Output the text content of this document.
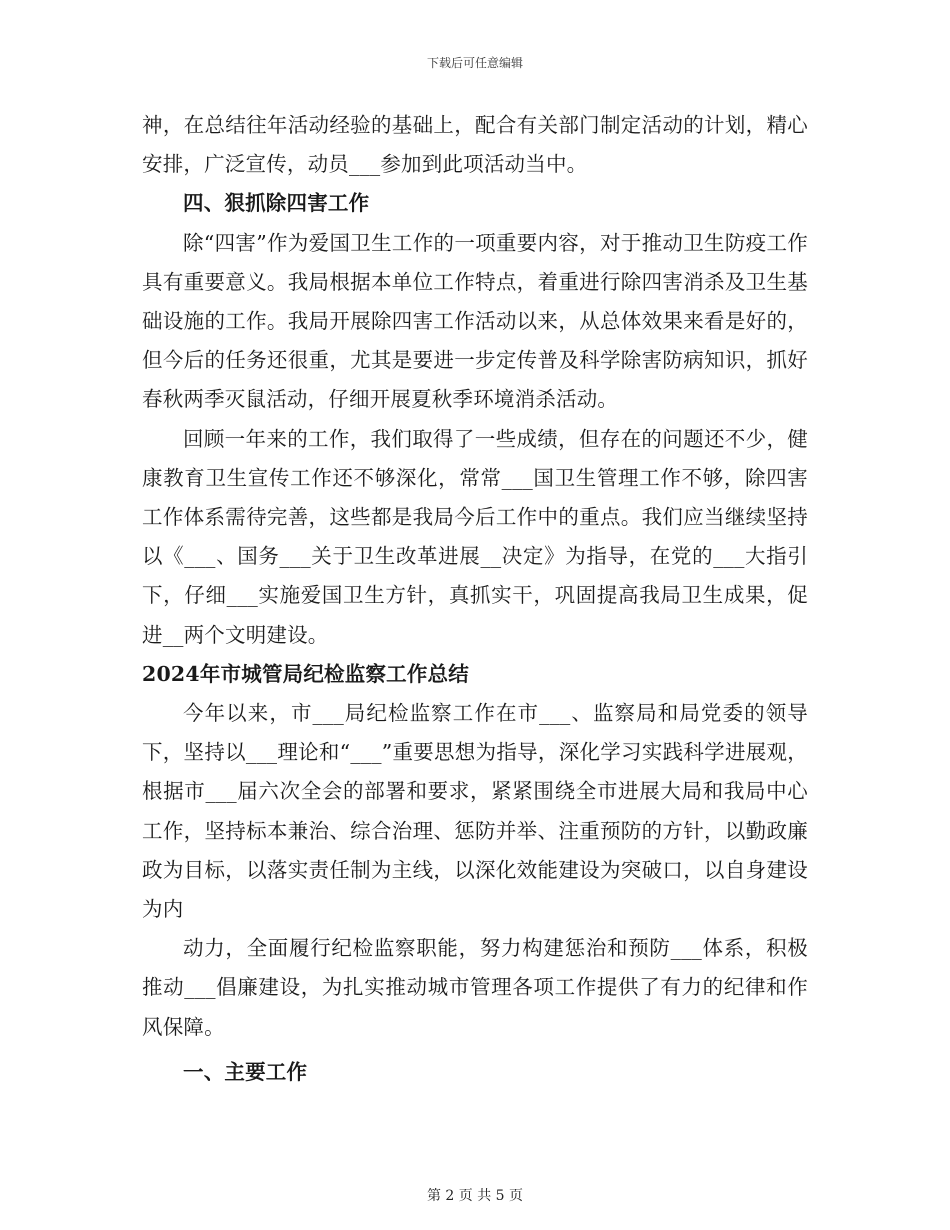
下载后可任意编辑

神，在总结往年活动经验的基础上，配合有关部门制定活动的计划，精心安排，广泛宣传，动员___参加到此项活动当中。

四、狠抓除四害工作

除“四害”作为爱国卫生工作的一项重要内容，对于推动卫生防疫工作具有重要意义。我局根据本单位工作特点，着重进行除四害消杀及卫生基础设施的工作。我局开展除四害工作活动以来，从总体效果来看是好的，但今后的任务还很重，尤其是要进一步定传普及科学除害防病知识，抓好春秋两季灭鼠活动，仔细开展夏秋季环境消杀活动。

回顾一年来的工作，我们取得了一些成绩，但存在的问题还不少，健康教育卫生宣传工作还不够深化，常常___国卫生管理工作不够，除四害工作体系需待完善，这些都是我局今后工作中的重点。我们应当继续坚持以《___、国务___关于卫生改革进展__决定》为指导，在党的___大指引下，仔细___实施爱国卫生方针，真抓实干，巩固提高我局卫生成果，促进__两个文明建设。

2024年市城管局纪检监察工作总结

今年以来，市___局纪检监察工作在市___、监察局和局党委的领导下，坚持以___理论和“___”重要思想为指导，深化学习实践科学进展观，根据市___届六次全会的部署和要求，紧紧围绕全市进展大局和我局中心工作，坚持标本兼治、综合治理、惩防并举、注重预防的方针，以勤政廉政为目标，以落实责任制为主线，以深化效能建设为突破口，以自身建设为内

动力，全面履行纪检监察职能，努力构建惩治和预防___体系，积极推动___倡廉建设，为扎实推动城市管理各项工作提供了有力的纪律和作风保障。

一、主要工作

第 2 页 共 5 页
